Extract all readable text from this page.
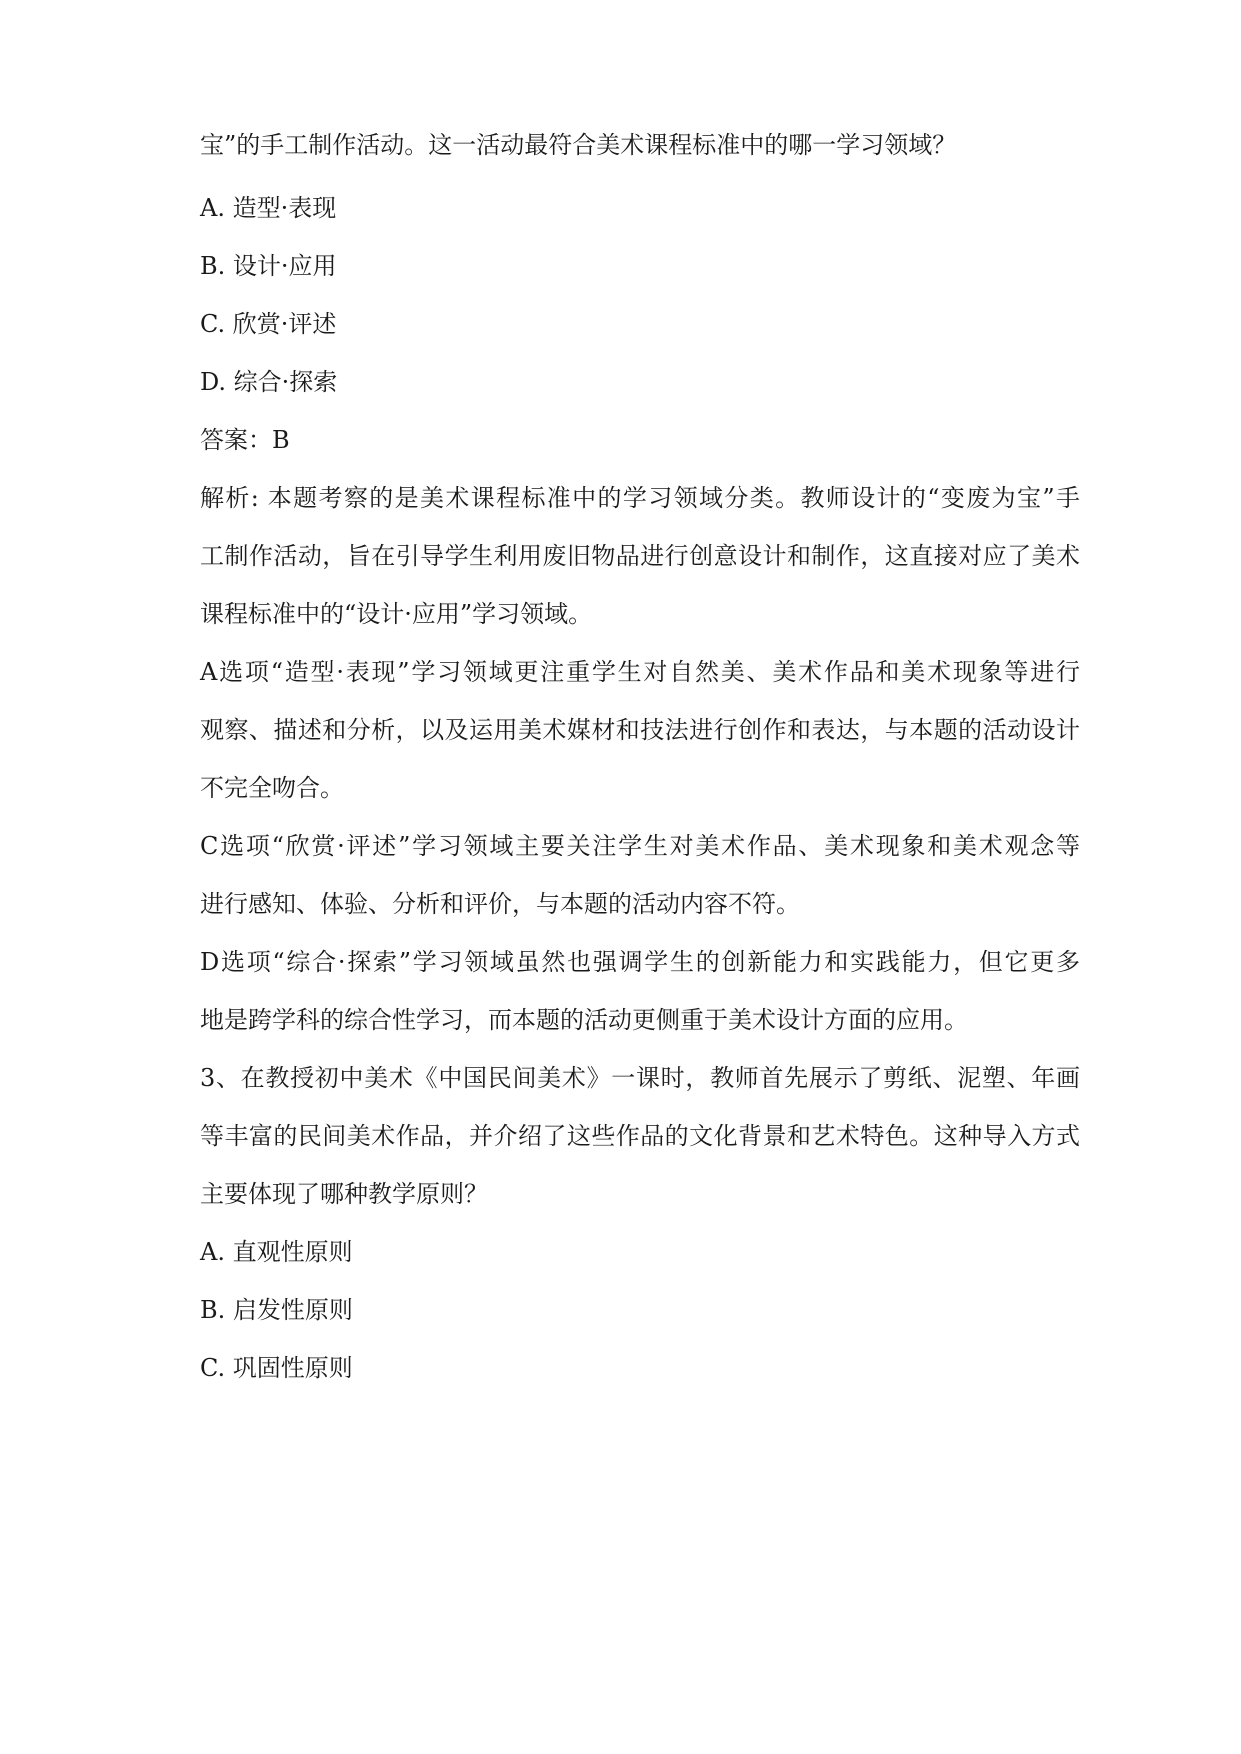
宝”的手工制作活动。这一活动最符合美术课程标准中的哪一学习领域？

A. 造型·表现

B. 设计·应用

C. 欣赏·评述

D. 综合·探索

答案：B

解析: 本题考察的是美术课程标准中的学习领域分类。教师设计的“变废为宝”手

工制作活动，旨在引导学生利用废旧物品进行创意设计和制作，这直接对应了美术

课程标准中的“设计·应用”学习领域。

A选项“造型·表现”学习领域更注重学生对自然美、美术作品和美术现象等进行

观察、描述和分析，以及运用美术媒材和技法进行创作和表达，与本题的活动设计

不完全吻合。

C选项“欣赏·评述”学习领域主要关注学生对美术作品、美术现象和美术观念等

进行感知、体验、分析和评价，与本题的活动内容不符。

D选项“综合·探索”学习领域虽然也强调学生的创新能力和实践能力，但它更多

地是跨学科的综合性学习，而本题的活动更侧重于美术设计方面的应用。

3、在教授初中美术《中国民间美术》一课时，教师首先展示了剪纸、泥塑、年画

等丰富的民间美术作品，并介绍了这些作品的文化背景和艺术特色。这种导入方式

主要体现了哪种教学原则？

A. 直观性原则

B. 启发性原则

C. 巩固性原则
